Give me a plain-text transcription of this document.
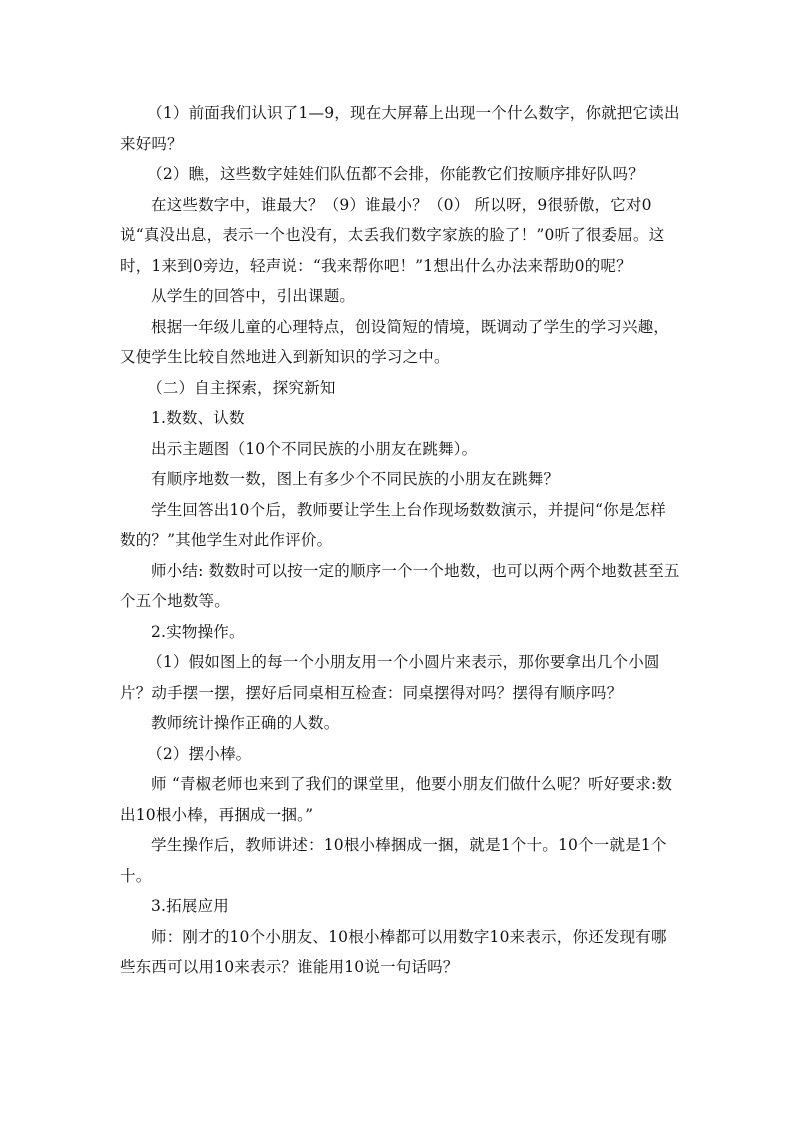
（1）前面我们认识了1—9，现在大屏幕上出现一个什么数字，你就把它读出来好吗？

（2）瞧，这些数字娃娃们队伍都不会排，你能教它们按顺序排好队吗？

在这些数字中，谁最大？（9）谁最小？（0） 所以呀，9很骄傲，它对0说“真没出息，表示一个也没有，太丢我们数字家族的脸了！”0听了很委屈。这时，1来到0旁边，轻声说：“我来帮你吧！”1想出什么办法来帮助0的呢？

从学生的回答中，引出课题。

根据一年级儿童的心理特点，创设简短的情境，既调动了学生的学习兴趣，又使学生比较自然地进入到新知识的学习之中。

（二）自主探索，探究新知

1.数数、认数

出示主题图（10个不同民族的小朋友在跳舞）。

有顺序地数一数，图上有多少个不同民族的小朋友在跳舞？

学生回答出10个后，教师要让学生上台作现场数数演示，并提问“你是怎样数的？”其他学生对此作评价。

师小结: 数数时可以按一定的顺序一个一个地数，也可以两个两个地数甚至五个五个地数等。

2.实物操作。

（1）假如图上的每一个小朋友用一个小圆片来表示，那你要拿出几个小圆片？动手摆一摆，摆好后同桌相互检查：同桌摆得对吗？摆得有顺序吗？

教师统计操作正确的人数。

（2）摆小棒。

师 “青椒老师也来到了我们的课堂里，他要小朋友们做什么呢？听好要求:数出10根小棒，再捆成一捆。”

学生操作后，教师讲述：10根小棒捆成一捆，就是1个十。10个一就是1个十。

3.拓展应用

师：刚才的10个小朋友、10根小棒都可以用数字10来表示，你还发现有哪些东西可以用10来表示？谁能用10说一句话吗？
